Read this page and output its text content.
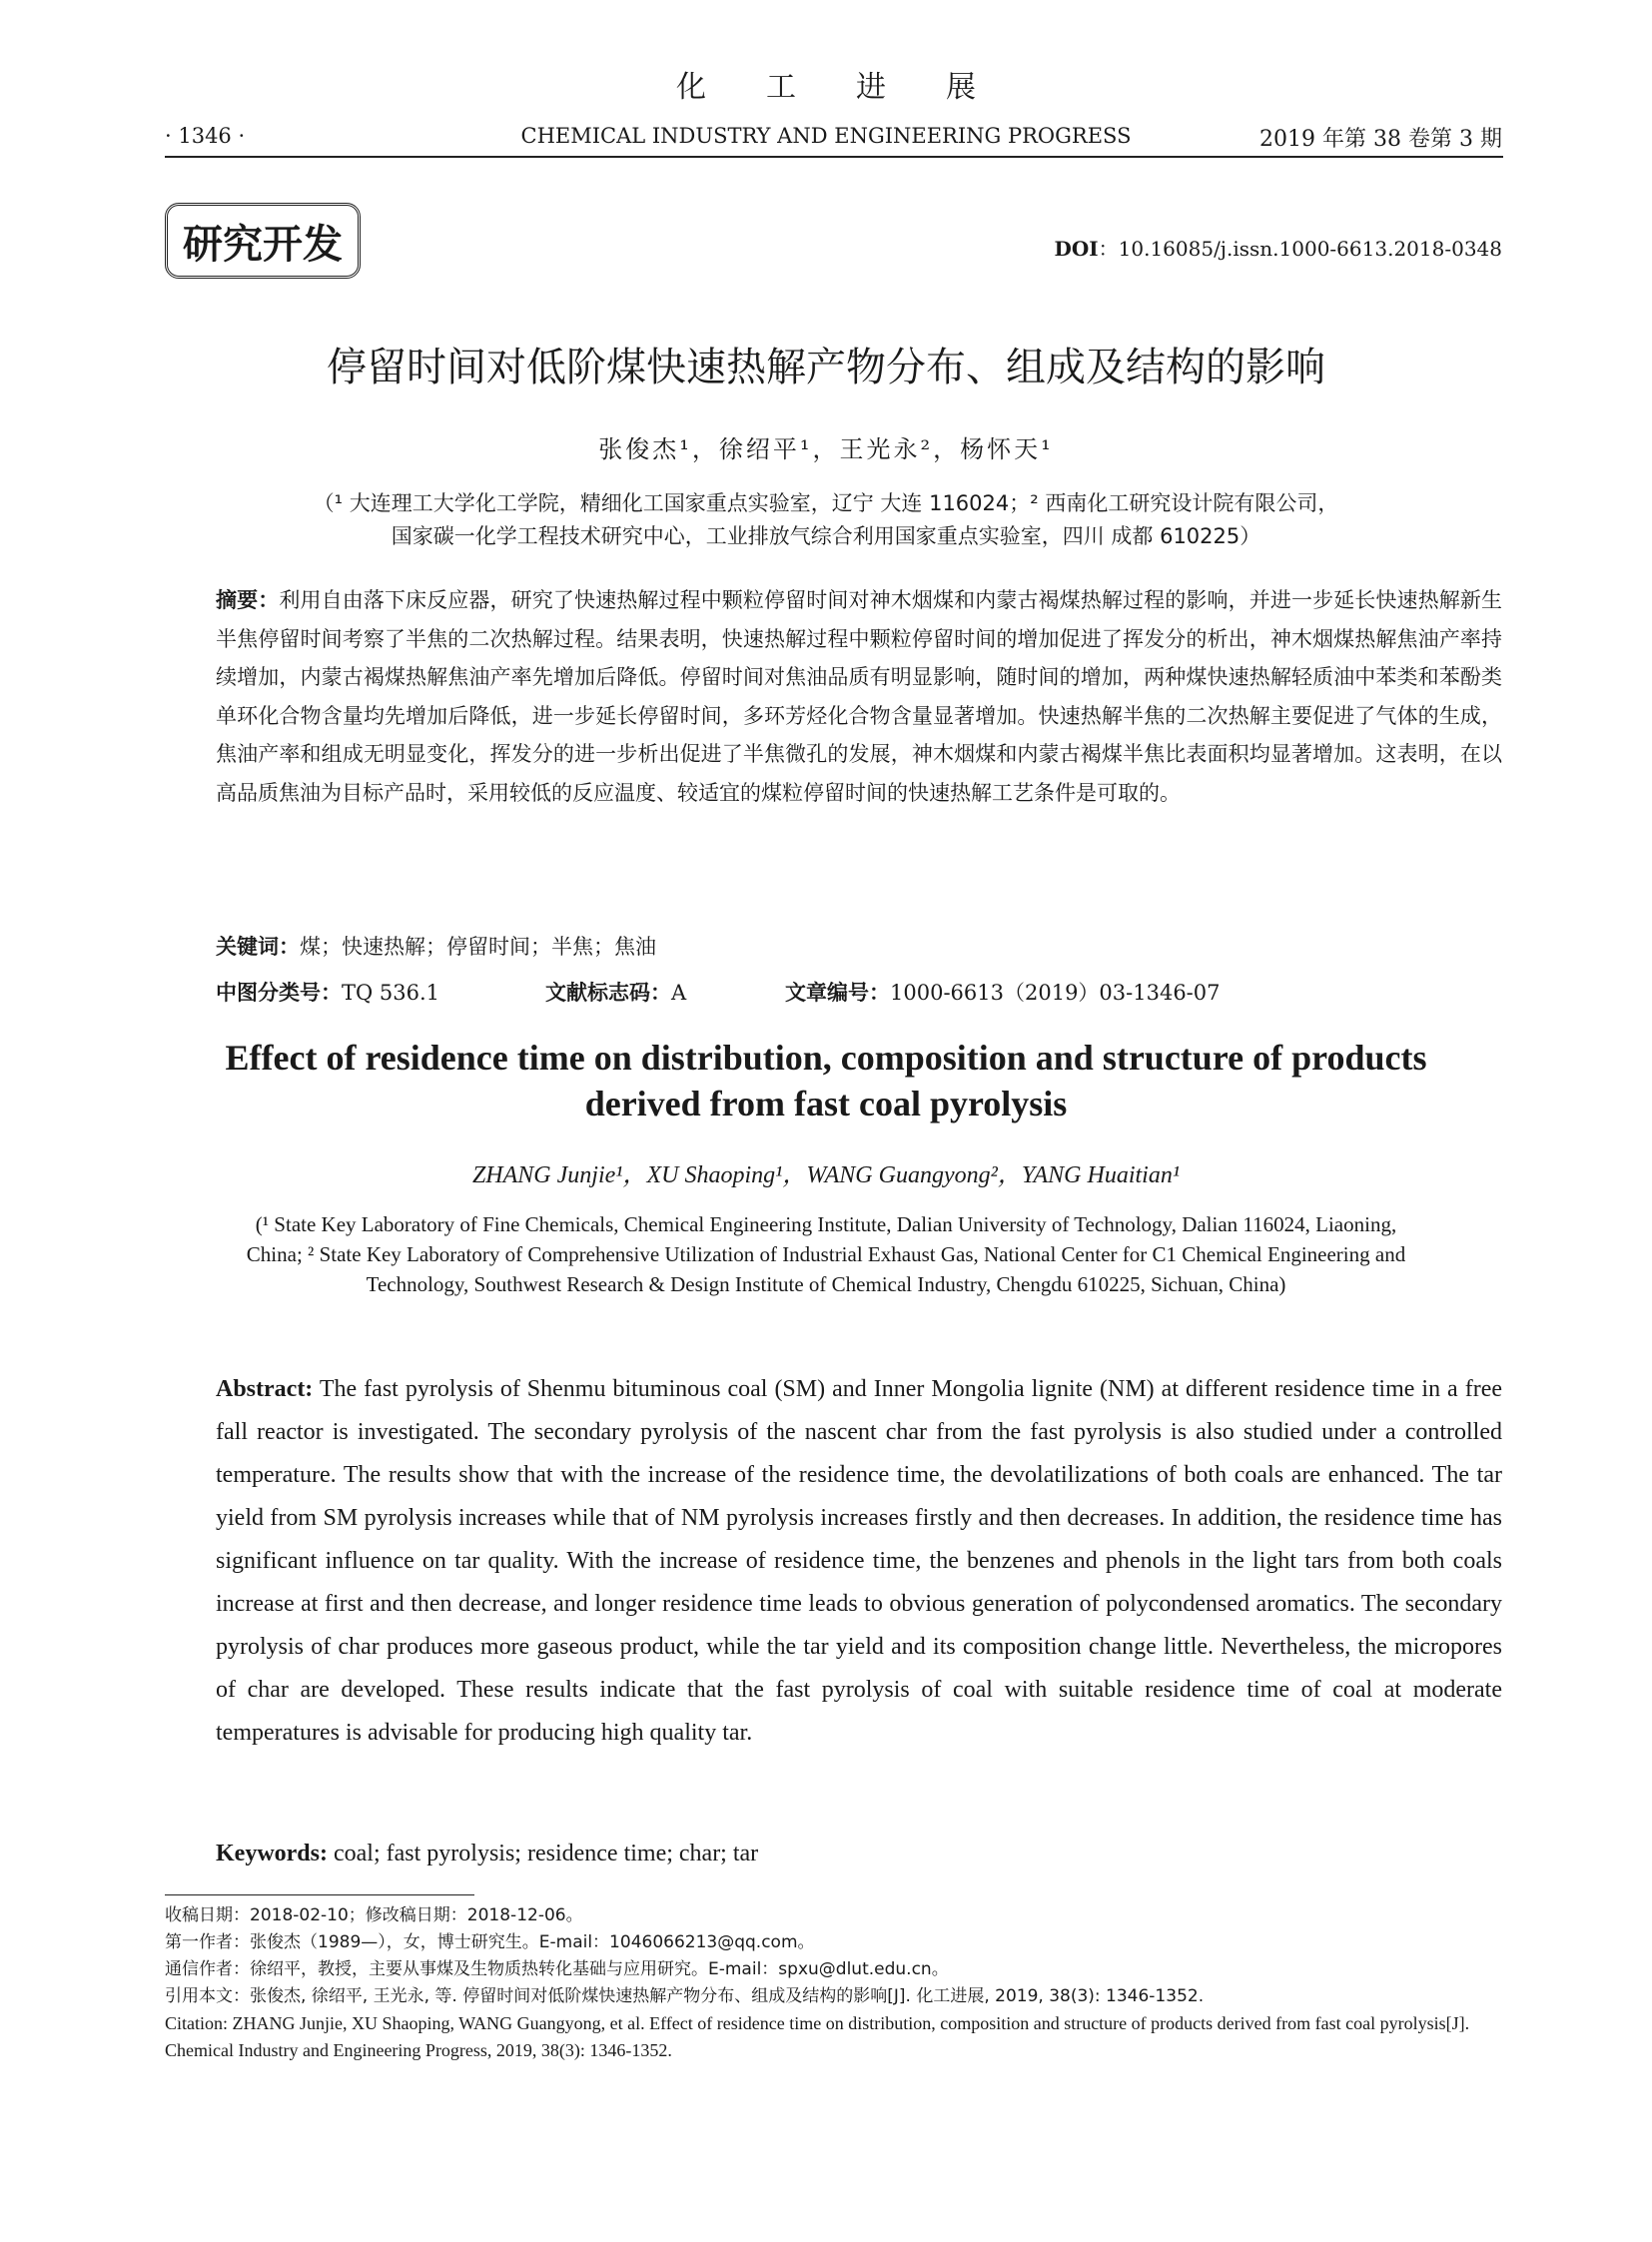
化工进展
· 1346 ·	CHEMICAL INDUSTRY AND ENGINEERING PROGRESS	2019 年第 38 卷第 3 期
研究开发	DOI：10.16085/j.issn.1000-6613.2018-0348
停留时间对低阶煤快速热解产物分布、组成及结构的影响
张俊杰¹，徐绍平¹，王光永²，杨怀天¹
（¹ 大连理工大学化工学院，精细化工国家重点实验室，辽宁 大连 116024；² 西南化工研究设计院有限公司，
国家碳一化学工程技术研究中心，工业排放气综合利用国家重点实验室，四川 成都 610225）
摘要：利用自由落下床反应器，研究了快速热解过程中颗粒停留时间对神木烟煤和内蒙古褐煤热解过程的影响，并进一步延长快速热解新生半焦停留时间考察了半焦的二次热解过程。结果表明，快速热解过程中颗粒停留时间的增加促进了挥发分的析出，神木烟煤热解焦油产率持续增加，内蒙古褐煤热解焦油产率先增加后降低。停留时间对焦油品质有明显影响，随时间的增加，两种煤快速热解轻质油中苯类和苯酚类单环化合物含量均先增加后降低，进一步延长停留时间，多环芳烃化合物含量显著增加。快速热解半焦的二次热解主要促进了气体的生成，焦油产率和组成无明显变化，挥发分的进一步析出促进了半焦微孔的发展，神木烟煤和内蒙古褐煤半焦比表面积均显著增加。这表明，在以高品质焦油为目标产品时，采用较低的反应温度、较适宜的煤粒停留时间的快速热解工艺条件是可取的。
关键词：煤；快速热解；停留时间；半焦；焦油
中图分类号：TQ 536.1	文献标志码：A	文章编号：1000-6613（2019）03-1346-07
Effect of residence time on distribution, composition and structure of products derived from fast coal pyrolysis
ZHANG Junjie¹，XU Shaoping¹，WANG Guangyong²，YANG Huaitian¹
(¹ State Key Laboratory of Fine Chemicals, Chemical Engineering Institute, Dalian University of Technology, Dalian 116024, Liaoning, China; ² State Key Laboratory of Comprehensive Utilization of Industrial Exhaust Gas, National Center for C1 Chemical Engineering and Technology, Southwest Research & Design Institute of Chemical Industry, Chengdu 610225, Sichuan, China)
Abstract: The fast pyrolysis of Shenmu bituminous coal (SM) and Inner Mongolia lignite (NM) at different residence time in a free fall reactor is investigated. The secondary pyrolysis of the nascent char from the fast pyrolysis is also studied under a controlled temperature. The results show that with the increase of the residence time, the devolatilizations of both coals are enhanced. The tar yield from SM pyrolysis increases while that of NM pyrolysis increases firstly and then decreases. In addition, the residence time has significant influence on tar quality. With the increase of residence time, the benzenes and phenols in the light tars from both coals increase at first and then decrease, and longer residence time leads to obvious generation of polycondensed aromatics. The secondary pyrolysis of char produces more gaseous product, while the tar yield and its composition change little. Nevertheless, the micropores of char are developed. These results indicate that the fast pyrolysis of coal with suitable residence time of coal at moderate temperatures is advisable for producing high quality tar.
Keywords: coal; fast pyrolysis; residence time; char; tar
收稿日期：2018-02-10；修改稿日期：2018-12-06。
第一作者：张俊杰（1989—），女，博士研究生。E-mail：1046066213@qq.com。
通信作者：徐绍平，教授，主要从事煤及生物质热转化基础与应用研究。E-mail：spxu@dlut.edu.cn。
引用本文：张俊杰, 徐绍平, 王光永, 等. 停留时间对低阶煤快速热解产物分布、组成及结构的影响[J]. 化工进展, 2019, 38(3): 1346-1352.
Citation: ZHANG Junjie, XU Shaoping, WANG Guangyong, et al. Effect of residence time on distribution, composition and structure of products derived from fast coal pyrolysis[J]. Chemical Industry and Engineering Progress, 2019, 38(3): 1346-1352.
